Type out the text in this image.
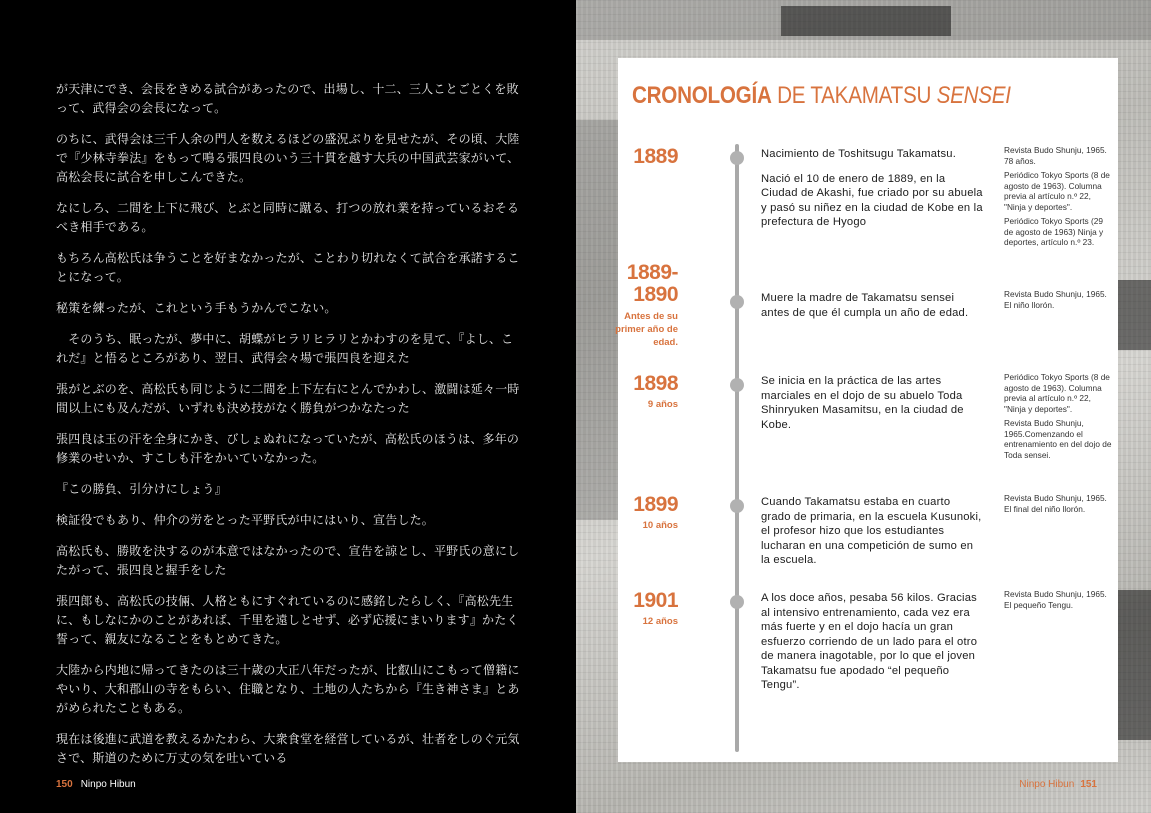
が天津にでき、会長をきめる試合があったので、出場し、十二、三人ことごとくを敗って、武得会の会長になって。

のちに、武得会は三千人余の門人を数えるほどの盛況ぶりを見せたが、その頃、大陸で『少林寺拳法』をもって鳴る張四良のいう三十貫を越す大兵の中国武芸家がいて、高松会長に試合を申しこんできた。

なにしろ、二間を上下に飛び、とぶと同時に蹴る、打つの放れ業を持っているおそるべき相手である。

もちろん高松氏は争うことを好まなかったが、ことわり切れなくて試合を承諾することになって。

秘策を練ったが、これという手もうかんでこない。

　そのうち、眠ったが、夢中に、胡蝶がヒラリヒラリとかわすのを見て、『よし、これだ』と悟るところがあり、翌日、武得会々場で張四良を迎えた

張がとぶのを、高松氏も同じように二間を上下左右にとんでかわし、激闘は延々一時間以上にも及んだが、いずれも決め技がなく勝負がつかなたった

張四良は玉の汗を全身にかき、びしょぬれになっていたが、高松氏のほうは、多年の修業のせいか、すこしも汗をかいていなかった。

『この勝負、引分けにしょう』

検証役でもあり、仲介の労をとった平野氏が中にはいり、宣告した。

高松氏も、勝敗を決するのが本意ではなかったので、宣告を諒とし、平野氏の意にしたがって、張四良と握手をした

張四郎も、高松氏の技倆、人格ともにすぐれているのに感銘したらしく、『高松先生に、もしなにかのことがあれば、千里を遠しとせず、必ず応援にまいります』かたく誓って、親友になることをもとめてきた。

大陸から内地に帰ってきたのは三十歳の大正八年だったが、比叡山にこもって僧籍にやいり、大和郡山の寺をもらい、住職となり、土地の人たちから『生き神さま』とあがめられたこともある。

現在は後進に武道を教えるかたわら、大衆食堂を経営しているが、壮者をしのぐ元気さで、斯道のために万丈の気を吐いている

150 Ninpo Hibun
CRONOLOGÍA DE TAKAMATSU SENSEI
1889	Nacimiento de Toshitsugu Takamatsu.

Nació el 10 de enero de 1889, en la Ciudad de Akashi, fue criado por su abuela y pasó su niñez en la ciudad de Kobe en la prefectura de Hyogo

Revista Budo Shunju, 1965. 78 años.

Periódico Tokyo Sports (8 de agosto de 1963). Columna previa al artículo n.º 22, "Ninja y deportes".

Periódico Tokyo Sports (29 de agosto de 1963) Ninja y deportes, artículo n.º 23.

1889-
1890
Antes de su primer año de edad.

Muere la madre de Takamatsu sensei antes de que él cumpla un año de edad.

Revista Budo Shunju, 1965. El niño llorón.

1898
9 años

Se inicia en la práctica de las artes marciales en el dojo de su abuelo Toda Shinryuken Masamitsu, en la ciudad de Kobe.

Periódico Tokyo Sports (8 de agosto de 1963). Columna previa al artículo n.º 22, "Ninja y deportes".

Revista Budo Shunju, 1965.Comenzando el entrenamiento en del dojo de Toda sensei.

1899
10 años

Cuando Takamatsu estaba en cuarto grado de primaria, en la escuela Kusunoki, el profesor hizo que los estudiantes lucharan en una competición de sumo en la escuela.

Revista Budo Shunju, 1965. El final del niño llorón.

1901
12 años

A los doce años, pesaba 56 kilos. Gracias al intensivo entrenamiento, cada vez era más fuerte y en el dojo hacía un gran esfuerzo corriendo de un lado para el otro de manera inagotable, por lo que el joven Takamatsu fue apodado “el pequeño Tengu”.

Revista Budo Shunju, 1965. El pequeño Tengu.

Ninpo Hibun 151
